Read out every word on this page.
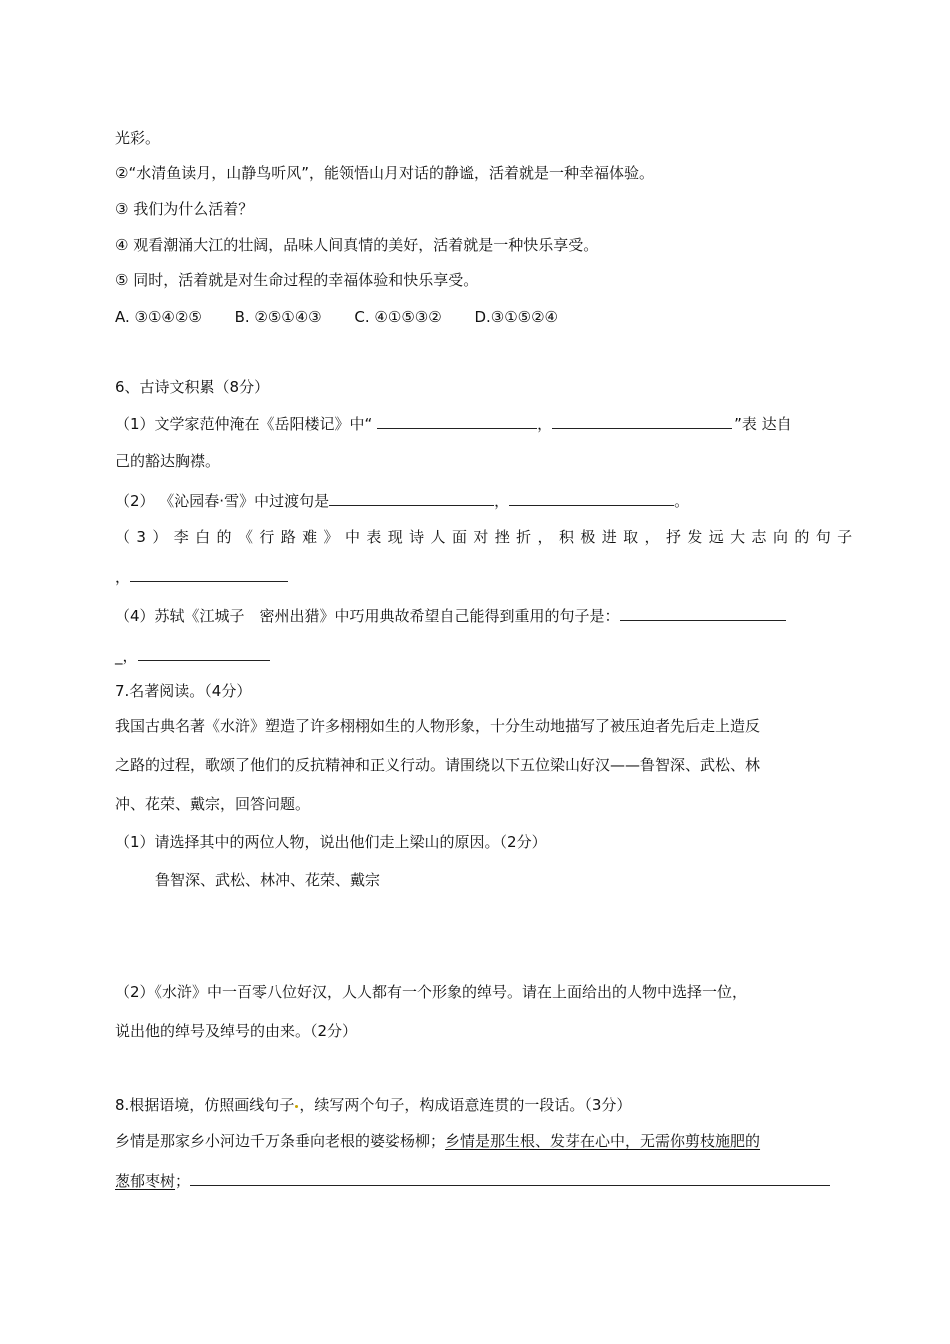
光彩。
②“水清鱼读月，山静鸟听风”，能领悟山月对话的静谧，活着就是一种幸福体验。
③ 我们为什么活着？
④ 观看潮涌大江的壮阔，品味人间真情的美好，活着就是一种快乐享受。
⑤ 同时，活着就是对生命过程的幸福体验和快乐享受。
A. ③①④②⑤ B. ②⑤①④③ C. ④①⑤③② D.③①⑤②④
6、古诗文积累（8分）
（1）文学家范仲淹在《岳阳楼记》中“	，	”表 达自
己的豁达胸襟。
（2） 《沁园春·雪》中过渡句是	，	。
（3）李白的《行路难》中表现诗人面对挫折，积极进取，抒发远大志向的句子
，
（4）苏轼《江城子　密州出猎》中巧用典故希望自己能得到重用的句子是：
_，
7.名著阅读。（4分）
我国古典名著《水浒》塑造了许多栩栩如生的人物形象，十分生动地描写了被压迫者先后走上造反
之路的过程，歌颂了他们的反抗精神和正义行动。请围绕以下五位梁山好汉——鲁智深、武松、林
冲、花荣、戴宗，回答问题。
（1）请选择其中的两位人物，说出他们走上梁山的原因。（2分）
鲁智深、武松、林冲、花荣、戴宗
（2）《水浒》中一百零八位好汉，人人都有一个形象的绰号。请在上面给出的人物中选择一位，
说出他的绰号及绰号的由来。（2分）
8.根据语境，仿照画线句子 ，续写两个句子，构成语意连贯的一段话。（3分）
乡情是那家乡小河边千万条垂向老根的婆娑杨柳；乡情是那生根、发芽在心中，无需你剪枝施肥的
葱郁枣树；
